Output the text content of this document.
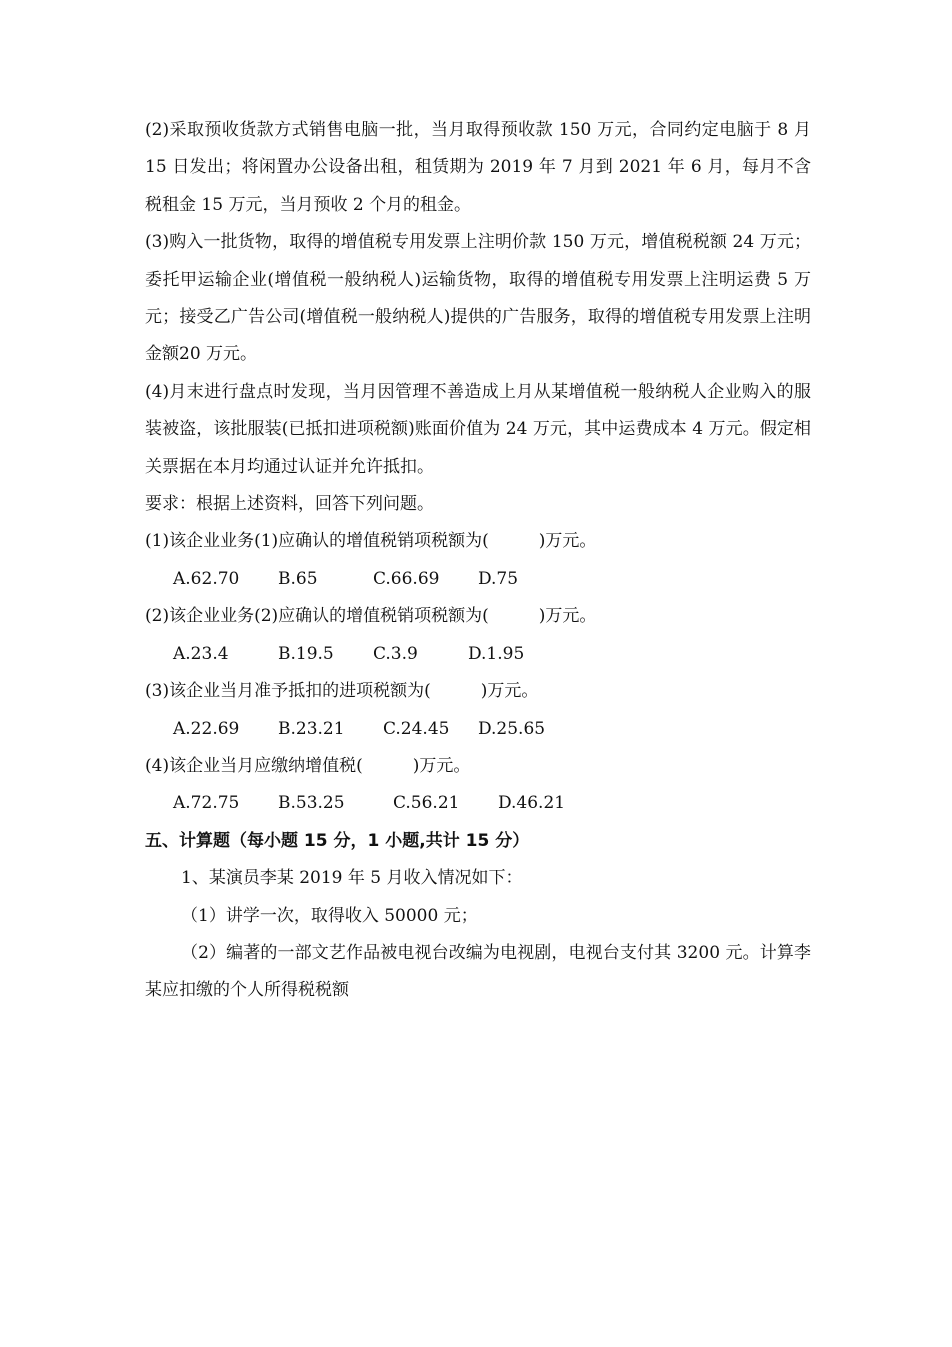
(2)采取预收货款方式销售电脑一批，当月取得预收款 150 万元，合同约定电脑于 8 月 15 日发出；将闲置办公设备出租，租赁期为 2019 年 7 月到 2021 年 6 月，每月不含税租金 15 万元，当月预收 2 个月的租金。

(3)购入一批货物，取得的增值税专用发票上注明价款 150 万元，增值税税额 24 万元；委托甲运输企业(增值税一般纳税人)运输货物，取得的增值税专用发票上注明运费 5 万元；接受乙广告公司(增值税一般纳税人)提供的广告服务，取得的增值税专用发票上注明金额20 万元。

(4)月末进行盘点时发现，当月因管理不善造成上月从某增值税一般纳税人企业购入的服装被盗，该批服装(已抵扣进项税额)账面价值为 24 万元，其中运费成本 4 万元。假定相关票据在本月均通过认证并允许抵扣。

要求：根据上述资料，回答下列问题。

(1)该企业业务(1)应确认的增值税销项税额为(	)万元。

A.62.70 B.65	C.66.69 D.75

(2)该企业业务(2)应确认的增值税销项税额为(	)万元。

A.23.4	B.19.5 C.3.9	D.1.95

(3)该企业当月准予抵扣的进项税额为(	)万元。

A.22.69 B.23.21 C.24.45 D.25.65

(4)该企业当月应缴纳增值税(	)万元。

A.72.75 B.53.25	C.56.21 D.46.21

五、计算题（每小题 15 分，1 小题,共计 15 分）

1、某演员李某 2019 年 5 月收入情况如下：

（1）讲学一次，取得收入 50000 元；

（2）编著的一部文艺作品被电视台改编为电视剧，电视台支付其 3200 元。计算李某应扣缴的个人所得税税额
